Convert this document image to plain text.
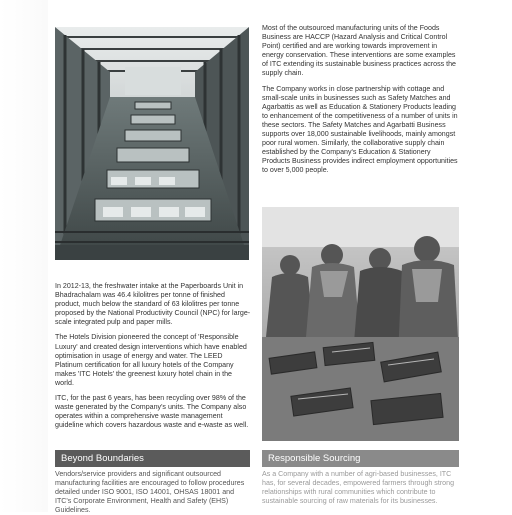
Most of the outsourced manufacturing units of the Foods Business are HACCP (Hazard Analysis and Critical Control Point) certified and are working towards improvement in energy conservation. These interventions are some examples of ITC extending its sustainable business practices across the supply chain.

The Company works in close partnership with cottage and small-scale units in businesses such as Safety Matches and Agarbattis as well as Education & Stationery Products leading to enhancement of the competitiveness of a number of units in these sectors. The Safety Matches and Agarbatti Business supports over 18,000 sustainable livelihoods, mainly amongst poor rural women. Similarly, the collaborative supply chain established by the Company's Education & Stationery Products Business provides indirect employment opportunities to over 5,000 people.

In 2012-13, the freshwater intake at the Paperboards Unit in Bhadrachalam was 46.4 kilolitres per tonne of finished product, much below the standard of 63 kilolitres per tonne proposed by the National Productivity Council (NPC) for large-scale integrated pulp and paper mills.

The Hotels Division pioneered the concept of 'Responsible Luxury' and created design interventions which have enabled optimisation in usage of energy and water. The LEED Platinum certification for all luxury hotels of the Company makes 'ITC Hotels' the greenest luxury hotel chain in the world.

ITC, for the past 6 years, has been recycling over 98% of the waste generated by the Company's units. The Company also operates within a comprehensive waste management guideline which covers hazardous waste and e-waste as well.

Beyond Boundaries	Responsible Sourcing
Vendors/service providers and significant outsourced manufacturing facilities are encouraged to follow procedures detailed under ISO 9001, ISO 14001, OHSAS 18001 and ITC's Corporate Environment, Health and Safety (EHS) Guidelines.
As a Company with a number of agri-based businesses, ITC has, for several decades, empowered farmers through strong relationships with rural communities which contribute to sustainable sourcing of raw materials for its businesses.
